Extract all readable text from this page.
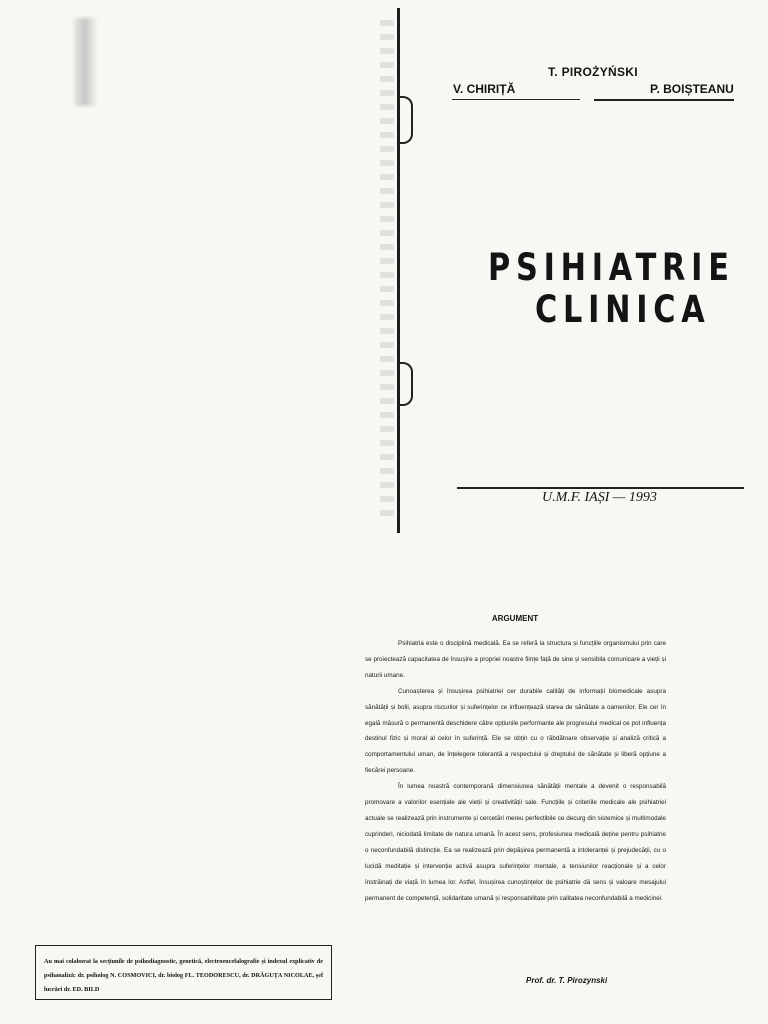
T. PIROŻYŃSKI
V. CHIRIȚĂ	P. BOIȘTEANU
PSIHIATRIE
CLINICA
U.M.F. IAȘI — 1993
ARGUMENT

Psihiatria este o disciplină medicală. Ea se referă la structura și funcțiile organismului prin care se proiectează capacitatea de însușire a propriei noastre ființe față de sine și sensibila comunicare a vieții și naturii umane.

Cunoașterea și însușirea psihiatriei cer durabile calități de informații biomedicale asupra sănătății și bolii, asupra riscurilor și suferințelor ce influențează starea de sănătate a oamenilor. Ele cer în egală măsură o permanentă deschidere către opțiunile performante ale progresului medical ce pot influența destinul fizic și moral al celor în suferință. Ele se obțin cu o răbdătoare observație și analiză critică a comportamentului uman, de înțelegere tolerantă a respectului și dreptului de sănătate și liberă opțiune a fiecărei persoane.

În lumea noastră contemporană dimensiunea sănătății mentale a devenit o responsabilă promovare a valorilor esențiale ale vieții și creativității sale. Funcțiile și criteriile medicale ale psihiatriei actuale se realizează prin instrumente și cercetări mereu perfectibile ce decurg din sistemice și multimodale cuprinderi, niciodată limitate de natura umană. În acest sens, profesiunea medicală deține pentru psihiatrie o neconfundabilă distincție. Ea se realizează prin depășirea permanentă a intoleranței și prejudecății, cu o lucidă meditație și intervenție activă asupra suferințelor mentale, a tensiunilor reacționale și a celor înstrăinați de viață în lumea lor. Astfel, însușirea cunoștințelor de psihiatrie dă sens și valoare mesajului permanent de competență, solidaritate umană și responsabilitate prin calitatea neconfundabilă a medicinei.

Prof. dr. T. Pirozynski
Au mai colaborat la secțiunile de psihodiagnostic, genetică, electroencefalografie și indexul explicativ de psihanaliză: dr. psiholog N. COSMOVICI, dr. biolog FL. TEODORESCU, dr. DRĂGUȚA NICOLAE, șef lucrări dr. ED. BILD
